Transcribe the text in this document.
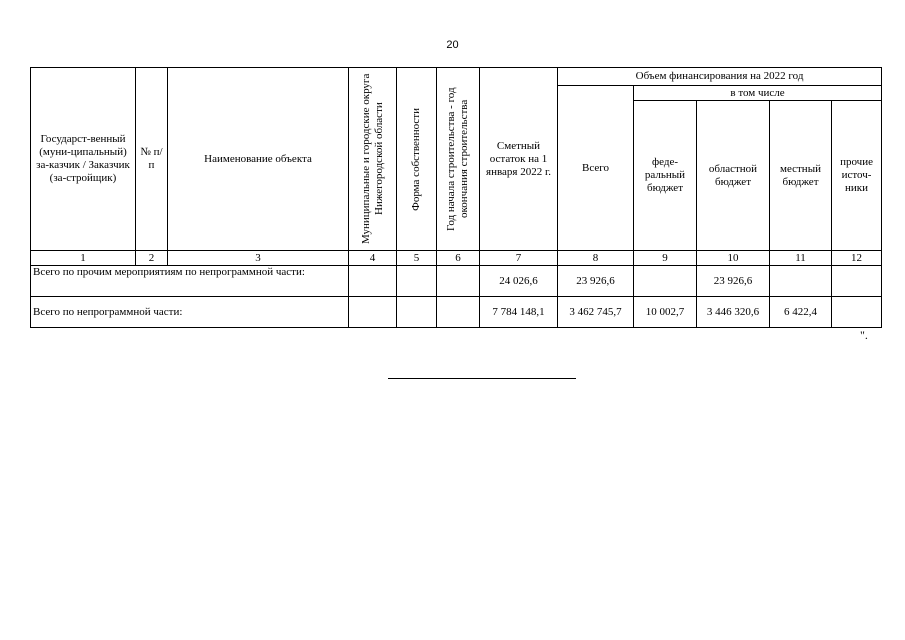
20
Государст-венный (муни-ципальный) за-казчик / Заказчик (за-стройщик)	№ п/п	Наименование объекта	Муниципальные и городские округа Нижегородской области	Форма собственности	Год начала строительства - год окончания строительства	Сметный остаток на 1 января 2022 г.	Объем финансирования на 2022 год				
							Всего	в том числе			
								феде-ральный бюджет	областной бюджет	местный бюджет	прочие источ-ники
1	2	3	4	5	6	7	8	9	10	11	12
Всего по прочим мероприятиям по непрограммной части:						24 026,6	23 926,6		23 926,6		
Всего по непрограммной части:						7 784 148,1	3 462 745,7	10 002,7	3 446 320,6	6 422,4	
".
